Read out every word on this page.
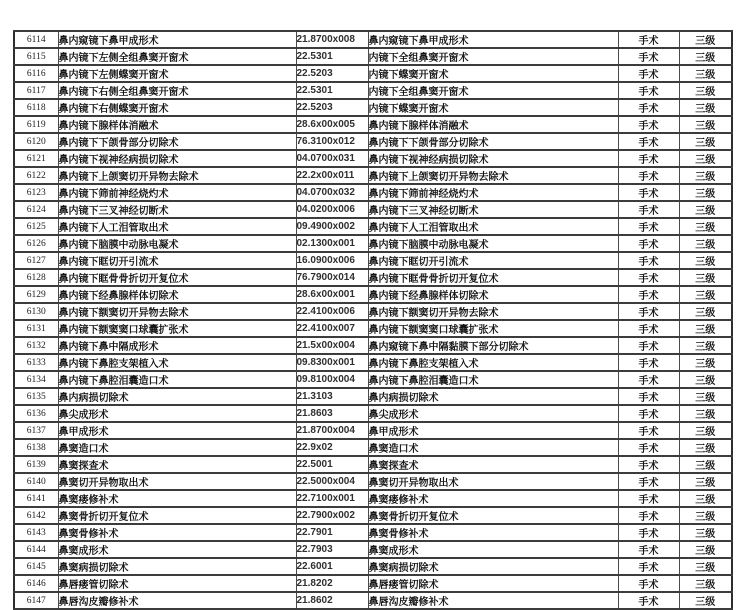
6114	鼻内窥镜下鼻甲成形术	21.8700x008	鼻内窥镜下鼻甲成形术	手术	三级
6115	鼻内镜下左侧全组鼻窦开窗术	22.5301	内镜下全组鼻窦开窗术	手术	三级
6116	鼻内镜下左侧蝶窦开窗术	22.5203	内镜下蝶窦开窗术	手术	三级
6117	鼻内镜下右侧全组鼻窦开窗术	22.5301	内镜下全组鼻窦开窗术	手术	三级
6118	鼻内镜下右侧蝶窦开窗术	22.5203	内镜下蝶窦开窗术	手术	三级
6119	鼻内镜下腺样体消融术	28.6x00x005	鼻内镜下腺样体消融术	手术	三级
6120	鼻内镜下下颌骨部分切除术	76.3100x012	鼻内镜下下颌骨部分切除术	手术	三级
6121	鼻内镜下视神经病损切除术	04.0700x031	鼻内镜下视神经病损切除术	手术	三级
6122	鼻内镜下上颌窦切开异物去除术	22.2x00x011	鼻内镜下上颌窦切开异物去除术	手术	三级
6123	鼻内镜下筛前神经烧灼术	04.0700x032	鼻内镜下筛前神经烧灼术	手术	三级
6124	鼻内镜下三叉神经切断术	04.0200x006	鼻内镜下三叉神经切断术	手术	三级
6125	鼻内镜下人工泪管取出术	09.4900x002	鼻内镜下人工泪管取出术	手术	三级
6126	鼻内镜下脑膜中动脉电凝术	02.1300x001	鼻内镜下脑膜中动脉电凝术	手术	三级
6127	鼻内镜下眶切开引流术	16.0900x006	鼻内镜下眶切开引流术	手术	三级
6128	鼻内镜下眶骨骨折切开复位术	76.7900x014	鼻内镜下眶骨骨折切开复位术	手术	三级
6129	鼻内镜下经鼻腺样体切除术	28.6x00x001	鼻内镜下经鼻腺样体切除术	手术	三级
6130	鼻内镜下额窦切开异物去除术	22.4100x006	鼻内镜下额窦切开异物去除术	手术	三级
6131	鼻内镜下额窦窦口球囊扩张术	22.4100x007	鼻内镜下额窦窦口球囊扩张术	手术	三级
6132	鼻内镜下鼻中隔成形术	21.5x00x004	鼻内窥镜下鼻中隔黏膜下部分切除术	手术	三级
6133	鼻内镜下鼻腔支架植入术	09.8300x001	鼻内镜下鼻腔支架植入术	手术	三级
6134	鼻内镜下鼻腔泪囊造口术	09.8100x004	鼻内镜下鼻腔泪囊造口术	手术	三级
6135	鼻内病损切除术	21.3103	鼻内病损切除术	手术	三级
6136	鼻尖成形术	21.8603	鼻尖成形术	手术	三级
6137	鼻甲成形术	21.8700x004	鼻甲成形术	手术	三级
6138	鼻窦造口术	22.9x02	鼻窦造口术	手术	三级
6139	鼻窦探查术	22.5001	鼻窦探查术	手术	三级
6140	鼻窦切开异物取出术	22.5000x004	鼻窦切开异物取出术	手术	三级
6141	鼻窦瘘修补术	22.7100x001	鼻窦瘘修补术	手术	三级
6142	鼻窦骨折切开复位术	22.7900x002	鼻窦骨折切开复位术	手术	三级
6143	鼻窦骨修补术	22.7901	鼻窦骨修补术	手术	三级
6144	鼻窦成形术	22.7903	鼻窦成形术	手术	三级
6145	鼻窦病损切除术	22.6001	鼻窦病损切除术	手术	三级
6146	鼻唇瘘管切除术	21.8202	鼻唇瘘管切除术	手术	三级
6147	鼻唇沟皮瓣修补术	21.8602	鼻唇沟皮瓣修补术	手术	三级
